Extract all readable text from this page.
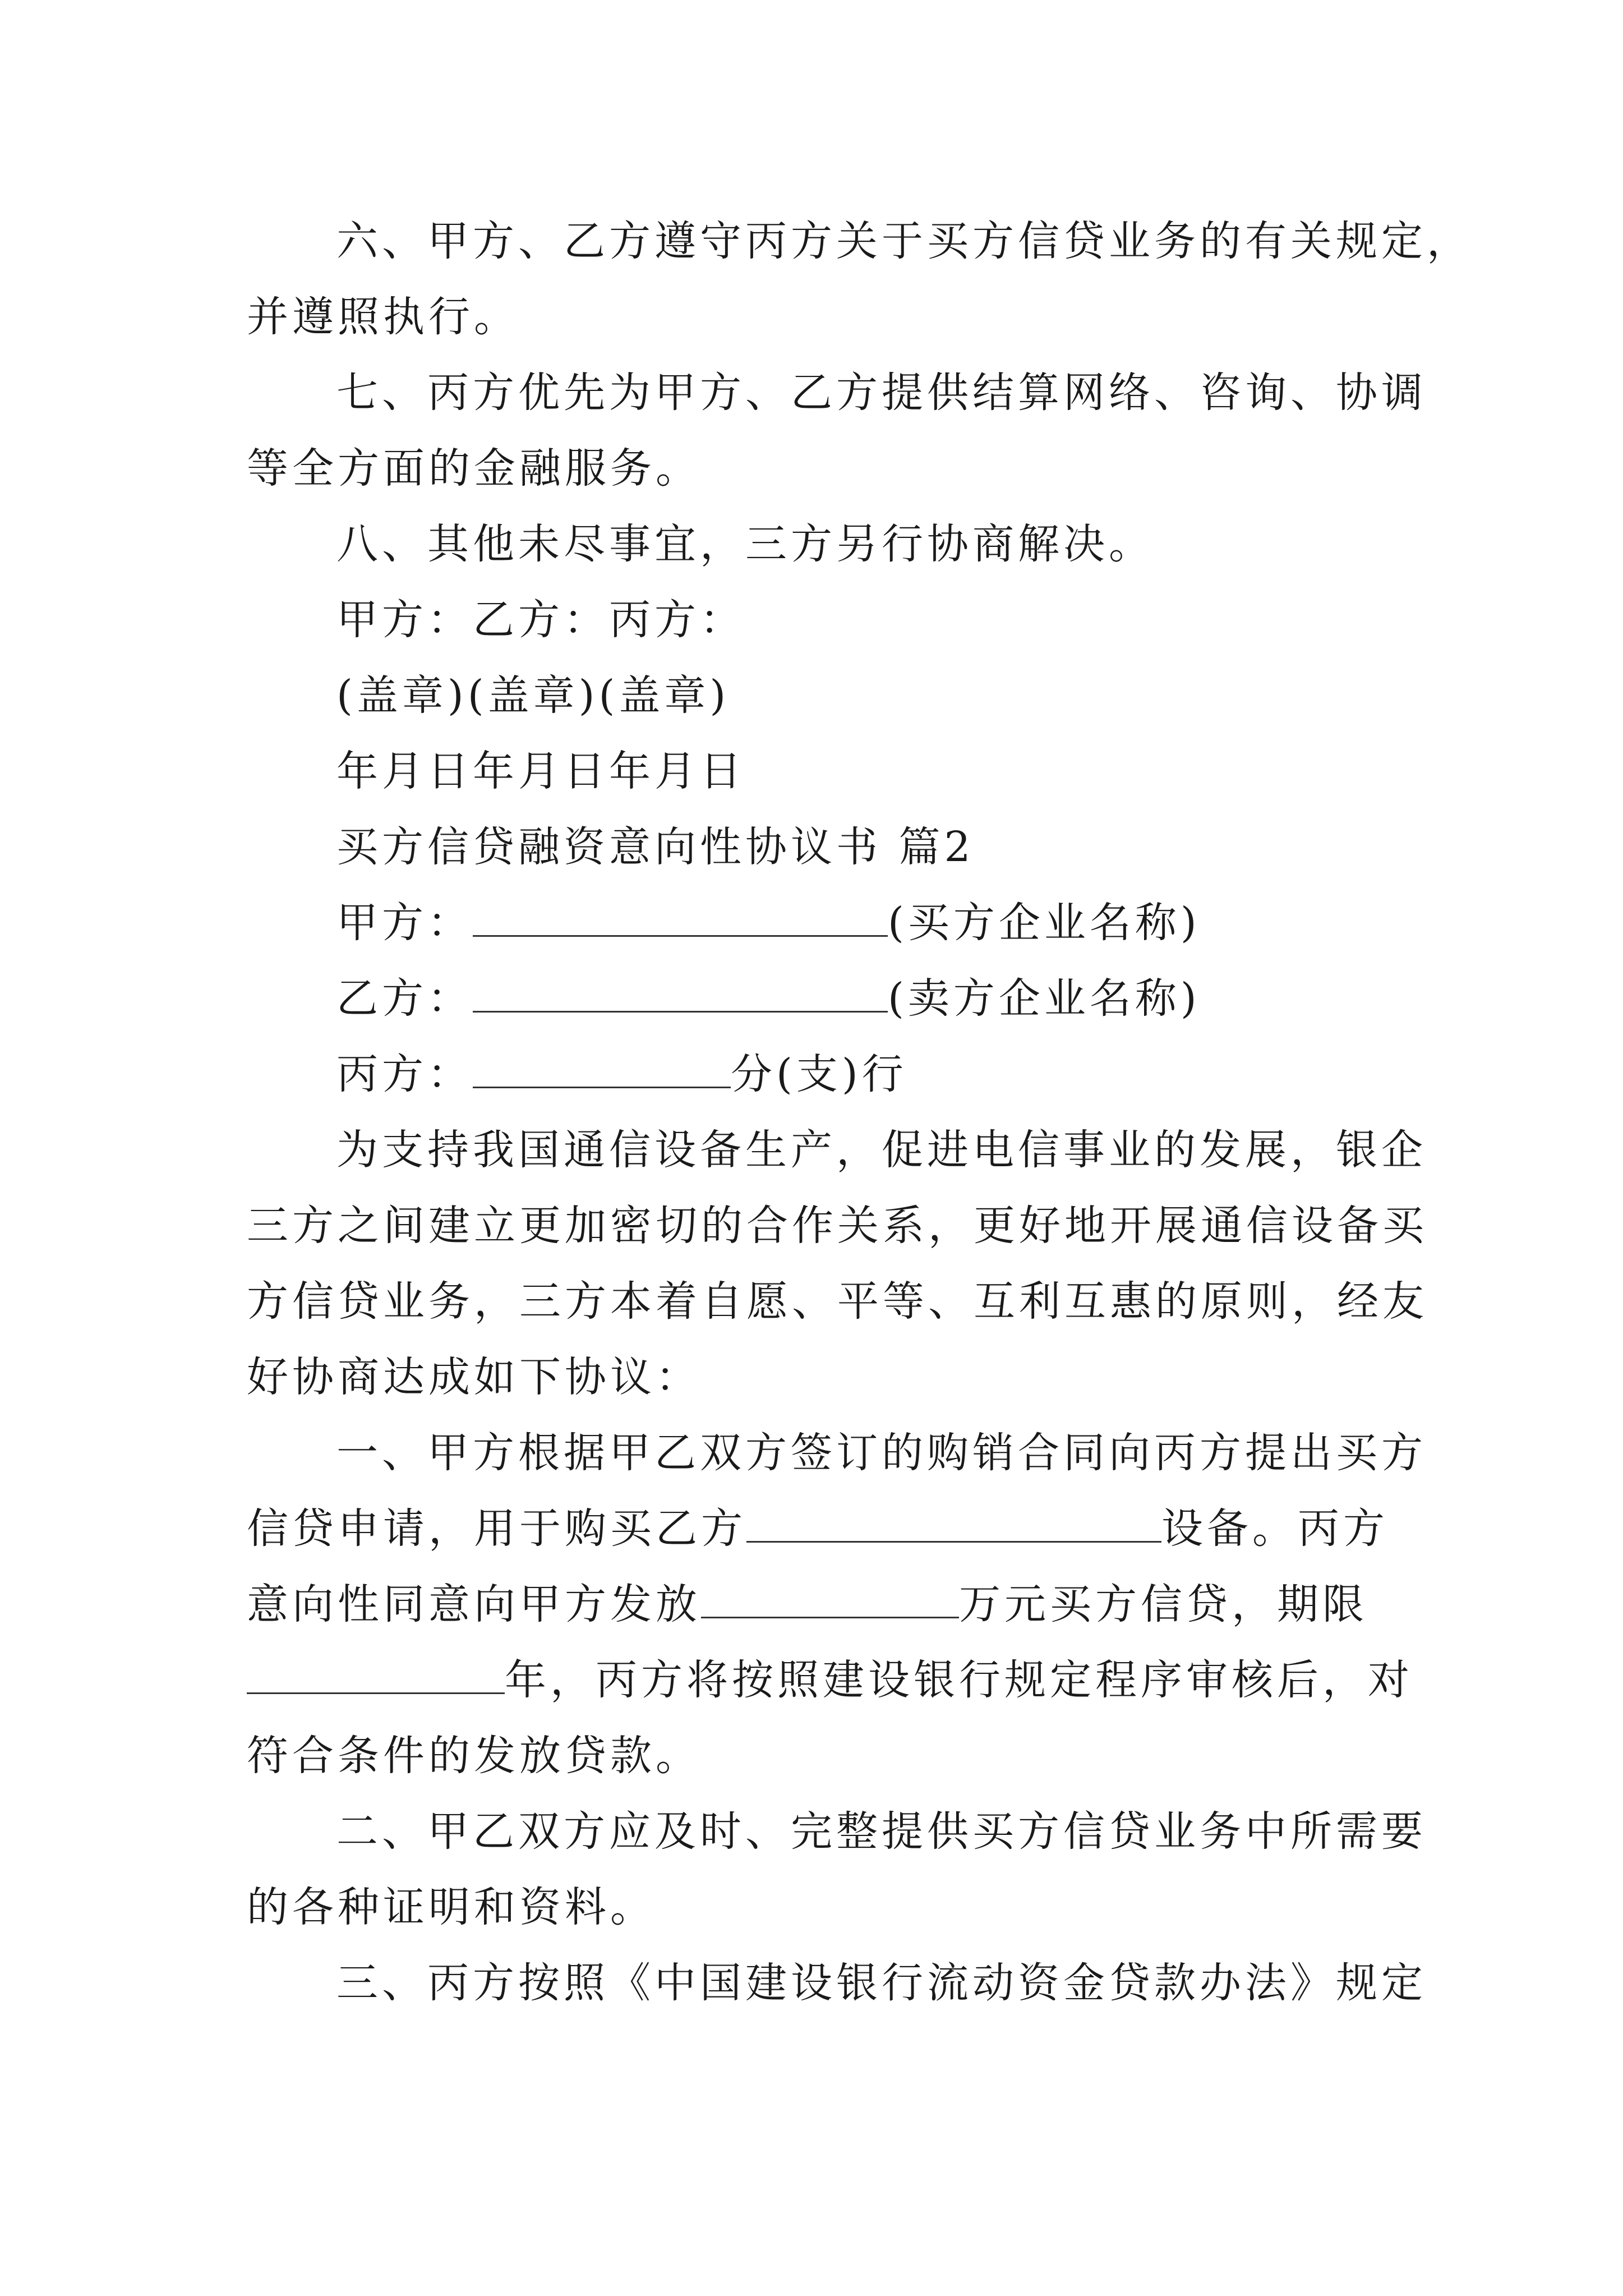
六、甲方、乙方遵守丙方关于买方信贷业务的有关规定，
并遵照执行。
七、丙方优先为甲方、乙方提供结算网络、咨询、协调
等全方面的金融服务。
八、其他未尽事宜，三方另行协商解决。
甲方：乙方：丙方：
(盖章)(盖章)(盖章)
年月日年月日年月日
买方信贷融资意向性协议书 篇2
甲方：	(买方企业名称)
乙方：	(卖方企业名称)
丙方：	分(支)行
为支持我国通信设备生产，促进电信事业的发展，银企
三方之间建立更加密切的合作关系，更好地开展通信设备买
方信贷业务，三方本着自愿、平等、互利互惠的原则，经友
好协商达成如下协议：
一、甲方根据甲乙双方签订的购销合同向丙方提出买方
信贷申请，用于购买乙方	设备。丙方
意向性同意向甲方发放	万元买方信贷，期限
年，丙方将按照建设银行规定程序审核后，对
符合条件的发放贷款。
二、甲乙双方应及时、完整提供买方信贷业务中所需要
的各种证明和资料。
三、丙方按照《中国建设银行流动资金贷款办法》规定
